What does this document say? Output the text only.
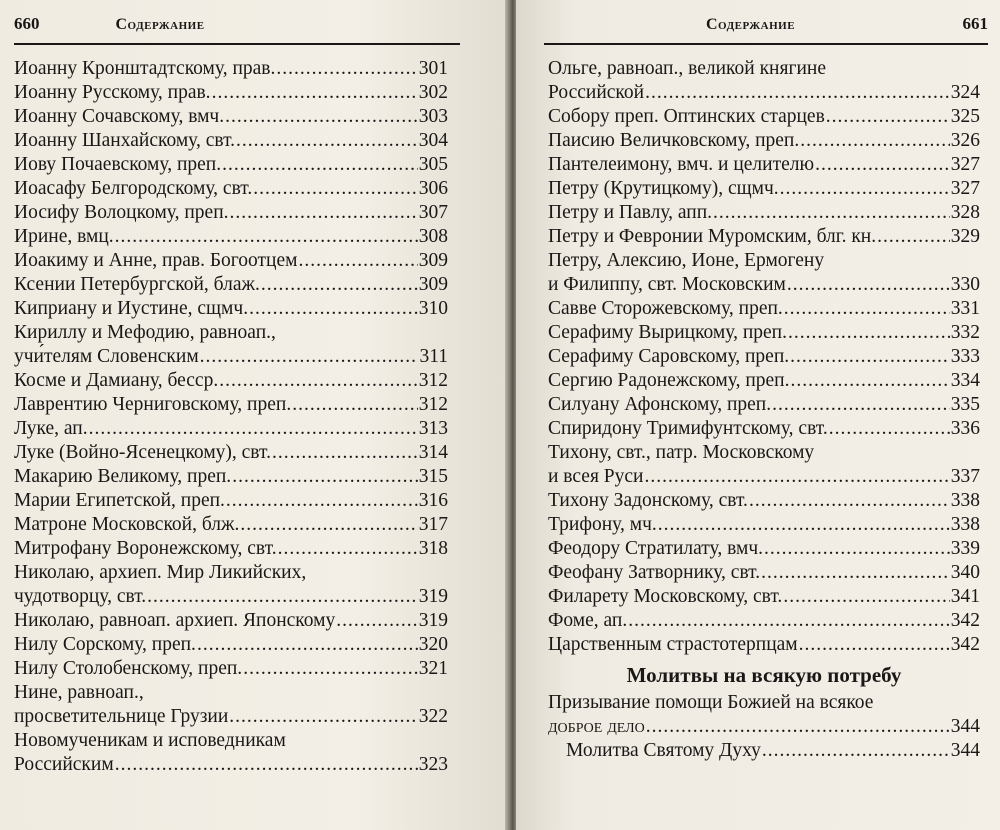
660	Содержание
Иоанну Кронштадтскому, прав. .....	301
Иоанну Русскому, прав. .....	302
Иоанну Сочавскому, вмч. .....	303
Иоанну Шанхайскому, свт. .....	304
Иову Почаевскому, преп. .....	305
Иоасафу Белгородскому, свт. .....	306
Иосифу Волоцкому, преп. .....	307
Ирине, вмц. .....	308
Иоакиму и Анне, прав. Богоотцем .....	309
Ксении Петербургской, блаж. .....	309
Киприану и Иустине, сщмч. .....	310
Кириллу и Мефодию, равноап.,
учи́телям Словенским .....	311
Косме и Дамиану, бесср. .....	312
Лаврентию Черниговскому, преп. .....	312
Луке, ап. .....	313
Луке (Войно-Ясенецкому), свт. .....	314
Макарию Великому, преп. .....	315
Марии Египетской, преп. .....	316
Матроне Московской, блж. .....	317
Митрофану Воронежскому, свт. .....	318
Николаю, архиеп. Мир Ликийских,
чудотворцу, свт. .....	319
Николаю, равноап. архиеп. Японскому .....	319
Нилу Сорскому, преп. .....	320
Нилу Столобенскому, преп. .....	321
Нине, равноап.,
просветительнице Грузии .....	322
Новомученикам и исповедникам
Российским .....	323
Содержание	661
Ольге, равноап., великой княгине
Российской .....	324
Собору преп. Оптинских старцев .....	325
Паисию Величковскому, преп. .....	326
Пантелеимону, вмч. и целителю .....	327
Петру (Крутицкому), сщмч. .....	327
Петру и Павлу, апп. .....	328
Петру и Февронии Муромским, блг. кн. .....	329
Петру, Алексию, Ионе, Ермогену
и Филиппу, свт. Московским .....	330
Савве Сторожевскому, преп. .....	331
Серафиму Вырицкому, преп. .....	332
Серафиму Саровскому, преп. .....	333
Сергию Радонежскому, преп. .....	334
Силуану Афонскому, преп. .....	335
Спиридону Тримифунтскому, свт. .....	336
Тихону, свт., патр. Московскому
и всея Руси .....	337
Тихону Задонскому, свт. .....	338
Трифону, мч. .....	338
Феодору Стратилату, вмч. .....	339
Феофану Затворнику, свт. .....	340
Филарету Московскому, свт. .....	341
Фоме, ап. .....	342
Царственным страстотерпцам .....	342
Молитвы на всякую потребу
Призывание помощи Божией на всякое
доброе дело .....	344
Молитва Святому Духу .....	344
